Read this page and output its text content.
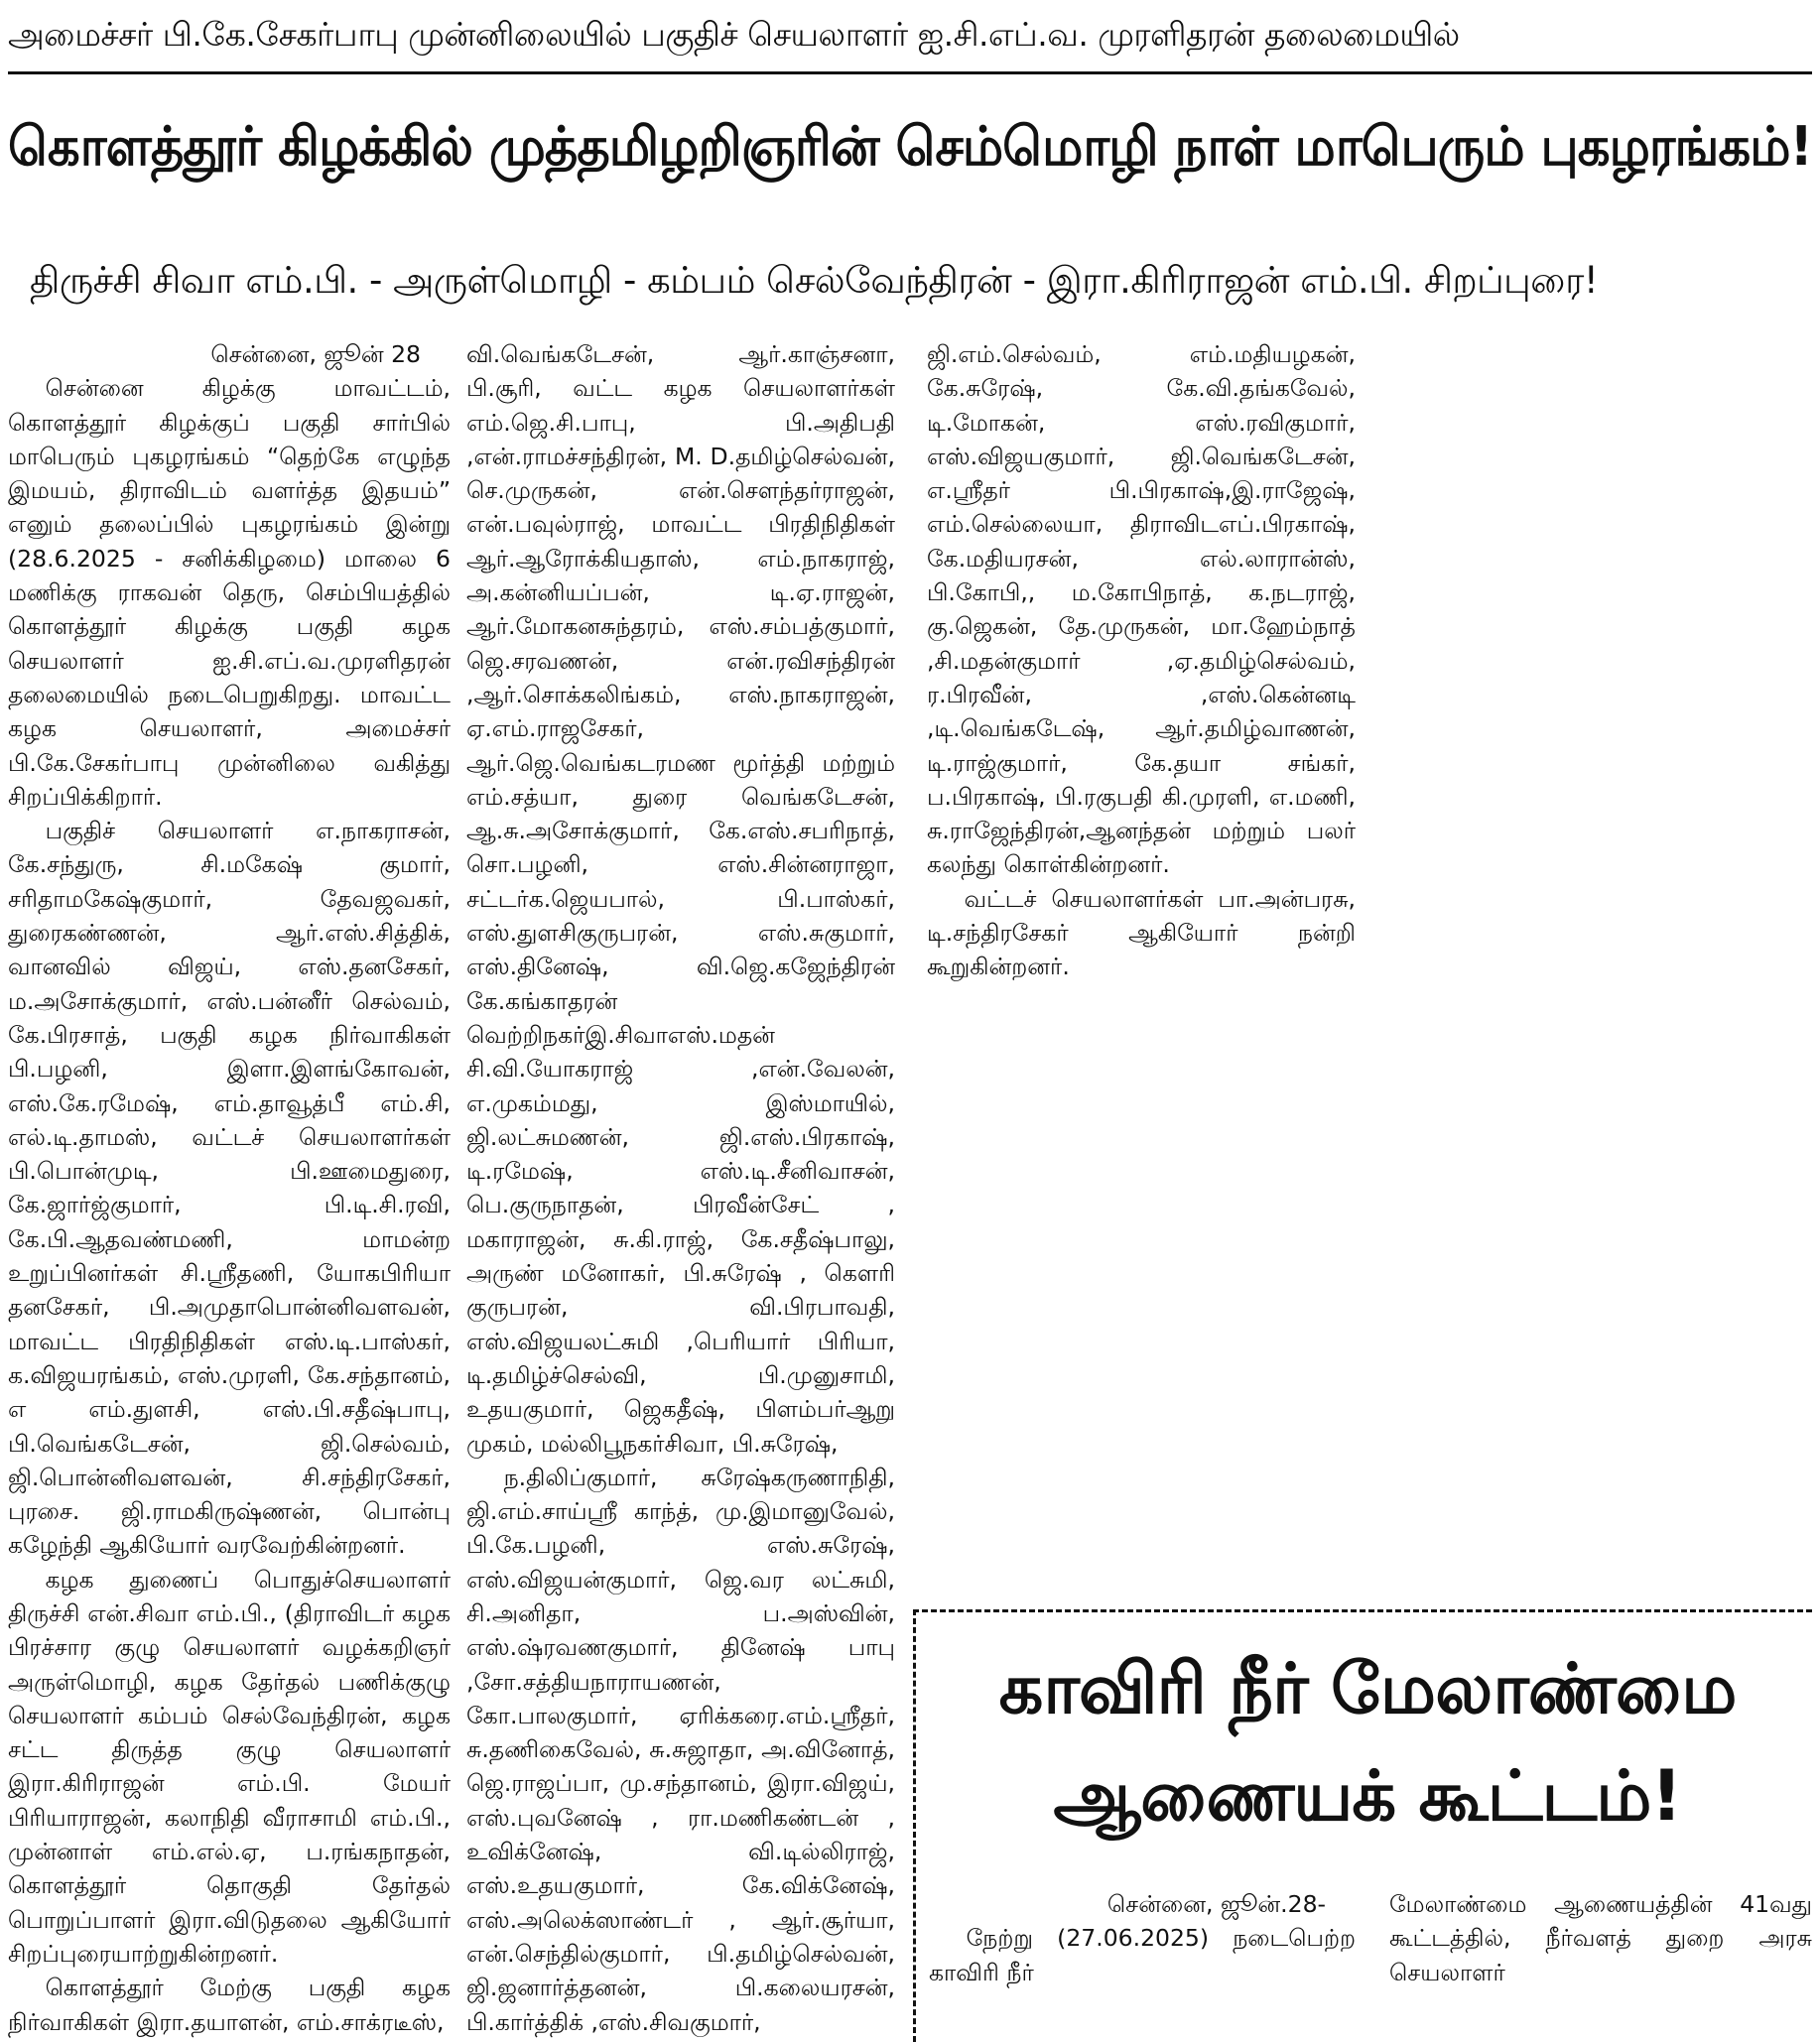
அமைச்சர் பி.கே.சேகர்பாபு முன்னிலையில் பகுதிச் செயலாளர் ஐ.சி.எப்.வ. முரளிதரன் தலைமையில்
கொளத்தூர் கிழக்கில் முத்தமிழறிஞரின் செம்மொழி நாள் மாபெரும் புகழரங்கம்!
திருச்சி சிவா எம்.பி. - அருள்மொழி - கம்பம் செல்வேந்திரன் - இரா.கிரிராஜன் எம்.பி. சிறப்புரை!

சென்னை, ஜூன் 28

சென்னை கிழக்கு மாவட்டம், கொளத்தூர் கிழக்குப் பகுதி சார்பில் மாபெரும் புகழரங்கம் “தெற்கே எழுந்த இமயம், திராவிடம் வளர்த்த இதயம்” எனும் தலைப்பில் புகழரங்கம் இன்று (28.6.2025 - சனிக்கிழமை) மாலை 6 மணிக்கு ராகவன் தெரு, செம்பியத்தில் கொளத்தூர் கிழக்கு பகுதி கழக செயலாளர் ஐ.சி.எப்.வ.முரளிதரன் தலைமையில் நடைபெறுகிறது. மாவட்ட கழக செயலாளர், அமைச்சர் பி.கே.சேகர்பாபு முன்னிலை வகித்து சிறப்பிக்கிறார்.

பகுதிச் செயலாளர் எ.நாகராசன், கே.சந்துரு, சி.மகேஷ் குமார், சரிதாமகேஷ்குமார், தேவஜவகர், துரைகண்ணன், ஆர்.எஸ்.சித்திக், வானவில் விஜய், எஸ்.தனசேகர், ம.அசோக்குமார், எஸ்.பன்னீர் செல்வம், கே.பிரசாத், பகுதி கழக நிர்வாகிகள் பி.பழனி, இளா.இளங்கோவன், எஸ்.கே.ரமேஷ், எம்.தாவூத்பீ எம்.சி, எல்.டி.தாமஸ், வட்டச் செயலாளர்கள் பி.பொன்முடி, பி.ஊமைதுரை, கே.ஜார்ஜ்குமார், பி.டி.சி.ரவி, கே.பி.ஆதவண்மணி, மாமன்ற உறுப்பினர்கள் சி.ஸ்ரீதணி, யோகபிரியா தனசேகர், பி.அமுதாபொன்னிவளவன், மாவட்ட பிரதிநிதிகள் எஸ்.டி.பாஸ்கர், க.விஜயரங்கம், எஸ்.முரளி, கே.சந்தானம், எ எம்.துளசி, எஸ்.பி.சதீஷ்பாபு, பி.வெங்கடேசன், ஜி.செல்வம், ஜி.பொன்னிவளவன், சி.சந்திரசேகர், புரசை. ஜி.ராமகிருஷ்ணன், பொன்பு கழேந்தி ஆகியோர் வரவேற்கின்றனர்.

கழக துணைப் பொதுச்செயலாளர் திருச்சி என்.சிவா எம்.பி., (திராவிடர் கழக பிரச்சார குழு செயலாளர் வழக்கறிஞர் அருள்மொழி, கழக தேர்தல் பணிக்குழு செயலாளர் கம்பம் செல்வேந்திரன், கழக சட்ட திருத்த குழு செயலாளர் இரா.கிரிராஜன் எம்.பி. மேயர் பிரியாராஜன், கலாநிதி வீராசாமி எம்.பி., முன்னாள் எம்.எல்.ஏ, ப.ரங்கநாதன், கொளத்தூர் தொகுதி தேர்தல் பொறுப்பாளர் இரா.விடுதலை ஆகியோர் சிறப்புரையாற்றுகின்றனர்.

கொளத்தூர் மேற்கு பகுதி கழக நிர்வாகிகள் இரா.தயாளன், எம்.சாக்ரடீஸ்,

வி.வெங்கடேசன், ஆர்.காஞ்சனா, பி.சூரி, வட்ட கழக செயலாளர்கள் எம்.ஜெ.சி.பாபு, பி.அதிபதி ,என்.ராமச்சந்திரன், M. D.தமிழ்செல்வன், செ.முருகன், என்.சௌந்தர்ராஜன், என்.பவுல்ராஜ், மாவட்ட பிரதிநிதிகள் ஆர்.ஆரோக்கியதாஸ், எம்.நாகராஜ், அ.கன்னியப்பன், டி.ஏ.ராஜன், ஆர்.மோகனசுந்தரம், எஸ்.சம்பத்குமார், ஜெ.சரவணன், என்.ரவிசந்திரன் ,ஆர்.சொக்கலிங்கம், எஸ்.நாகராஜன், ஏ.எம்.ராஜசேகர், ஆர்.ஜெ.வெங்கடரமண மூர்த்தி மற்றும் எம்.சத்யா, துரை வெங்கடேசன், ஆ.சு.அசோக்குமார், கே.எஸ்.சபரிநாத், சொ.பழனி, எஸ்.சின்னராஜா, சட்டர்க.ஜெயபால், பி.பாஸ்கர், எஸ்.துளசிகுருபரன், எஸ்.சுகுமார், எஸ்.தினேஷ், வி.ஜெ.கஜேந்திரன் கே.கங்காதரன் வெற்றிநகர்இ.சிவாஎஸ்.மதன் சி.வி.யோகராஜ் ,என்.வேலன், எ.முகம்மது, இஸ்மாயில், ஜி.லட்சுமணன், ஜி.எஸ்.பிரகாஷ், டி.ரமேஷ், எஸ்.டி.சீனிவாசன், பெ.குருநாதன், பிரவீன்சேட் , மகாராஜன், சு.கி.ராஜ், கே.சதீஷ்பாலு, அருண் மனோகர், பி.சுரேஷ் , கௌரி குருபரன், வி.பிரபாவதி, எஸ்.விஜயலட்சுமி ,பெரியார் பிரியா, டி.தமிழ்ச்செல்வி, பி.முனுசாமி, உதயகுமார், ஜெகதீஷ், பிளம்பர்ஆறு முகம், மல்லிபூநகர்சிவா, பி.சுரேஷ்,

ந.திலிப்குமார், சுரேஷ்கருணாநிதி, ஜி.எம்.சாய்ஸ்ரீ காந்த், மு.இமானுவேல், பி.கே.பழனி, எஸ்.சுரேஷ், எஸ்.விஜயன்குமார், ஜெ.வர லட்சுமி, சி.அனிதா, ப.அஸ்வின், எஸ்.ஷ்ரவணகுமார், தினேஷ் பாபு ,சோ.சத்தியநாராயணன், கோ.பாலகுமார், ஏரிக்கரை.எம்.ஸ்ரீதர், சு.தணிகைவேல், சு.சுஜாதா, அ.வினோத், ஜெ.ராஜப்பா, மு.சந்தானம், இரா.விஜய், எஸ்.புவனேஷ் , ரா.மணிகண்டன் , உவிக்னேஷ், வி.டில்லிராஜ், எஸ்.உதயகுமார், கே.விக்னேஷ், எஸ்.அலெக்ஸாண்டர் , ஆர்.சூர்யா, என்.செந்தில்குமார், பி.தமிழ்செல்வன், ஜி.ஜனார்த்தனன், பி.கலையரசன், பி.கார்த்திக் ,எஸ்.சிவகுமார்,

ஜி.எம்.செல்வம், எம்.மதியழகன், கே.சுரேஷ், கே.வி.தங்கவேல், டி.மோகன், எஸ்.ரவிகுமார், எஸ்.விஜயகுமார், ஜி.வெங்கடேசன், எ.ஸ்ரீதர் பி.பிரகாஷ்,இ.ராஜேஷ், எம்.செல்லையா, திராவிடஎப்.பிரகாஷ், கே.மதியரசன், எல்.லாரான்ஸ், பி.கோபி,, ம.கோபிநாத், க.நடராஜ், கு.ஜெகன், தே.முருகன், மா.ஹேம்நாத் ,சி.மதன்குமார் ,ஏ.தமிழ்செல்வம், ர.பிரவீன், ,எஸ்.கென்னடி ,டி.வெங்கடேஷ், ஆர்.தமிழ்வாணன், டி.ராஜ்குமார், கே.தயா சங்கர், ப.பிரகாஷ், பி.ரகுபதி கி.முரளி, எ.மணி, சு.ராஜேந்திரன்,ஆனந்தன் மற்றும் பலர் கலந்து கொள்கின்றனர்.

வட்டச் செயலாளர்கள் பா.அன்பரசு, டி.சந்திரசேகர் ஆகியோர் நன்றி கூறுகின்றனர்.

காவிரி நீர் மேலாண்மை
ஆணையக் கூட்டம்!

சென்னை, ஜூன்.28-

நேற்று (27.06.2025) நடைபெற்ற காவிரி நீர்

மேலாண்மை ஆணையத்தின் 41வது கூட்டத்தில், நீர்வளத் துறை அரசு செயலாளர்
